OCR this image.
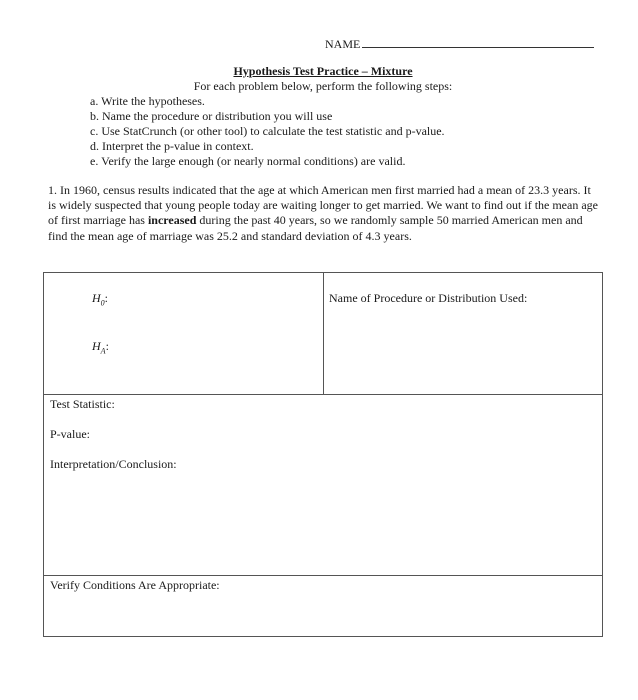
NAME
Hypothesis Test Practice – Mixture
For each problem below, perform the following steps:
a. Write the hypotheses.
b. Name the procedure or distribution you will use
c. Use StatCrunch (or other tool) to calculate the test statistic and p-value.
d. Interpret the p-value in context.
e. Verify the large enough (or nearly normal conditions) are valid.
1. In 1960, census results indicated that the age at which American men first married had a mean of 23.3 years. It is widely suspected that young people today are waiting longer to get married. We want to find out if the mean age of first marriage has increased during the past 40 years, so we randomly sample 50 married American men and find the mean age of marriage was 25.2 and standard deviation of 4.3 years.
$H_0$:
$H_A$:
Name of Procedure or Distribution Used:
Test Statistic:
P-value:
Interpretation/Conclusion:
Verify Conditions Are Appropriate:
